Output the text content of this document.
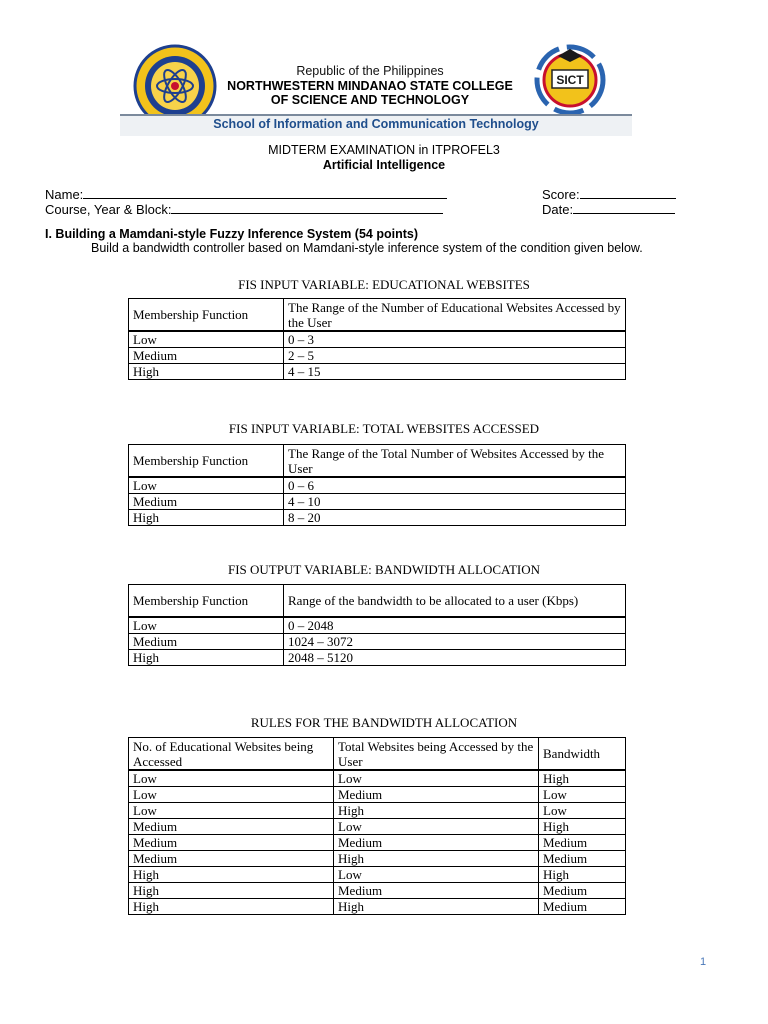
SICT
Republic of the Philippines
NORTHWESTERN MINDANAO STATE COLLEGE
OF SCIENCE AND TECHNOLOGY
School of Information and Communication Technology
MIDTERM EXAMINATION in ITPROFEL3
Artificial Intelligence
Name:
Course, Year & Block:
Score:
Date:
I. Building a Mamdani-style Fuzzy Inference System (54 points)
Build a bandwidth controller based on Mamdani-style inference system of the condition given below.
FIS INPUT VARIABLE: EDUCATIONAL WEBSITES
Membership Function	The Range of the Number of Educational Websites Accessed by the User
Low	0 – 3
Medium	2 – 5
High	4 – 15
FIS INPUT VARIABLE: TOTAL WEBSITES ACCESSED
Membership Function	The Range of the Total Number of Websites Accessed by the User
Low	0 – 6
Medium	4 – 10
High	8 – 20
FIS OUTPUT VARIABLE: BANDWIDTH ALLOCATION
Membership Function	Range of the bandwidth to be allocated to a user (Kbps)
Low	0 – 2048
Medium	1024 – 3072
High	2048 – 5120
RULES FOR THE BANDWIDTH ALLOCATION
No. of Educational Websites being Accessed	Total Websites being Accessed by the User	Bandwidth
Low	Low	High
Low	Medium	Low
Low	High	Low
Medium	Low	High
Medium	Medium	Medium
Medium	High	Medium
High	Low	High
High	Medium	Medium
High	High	Medium
1
